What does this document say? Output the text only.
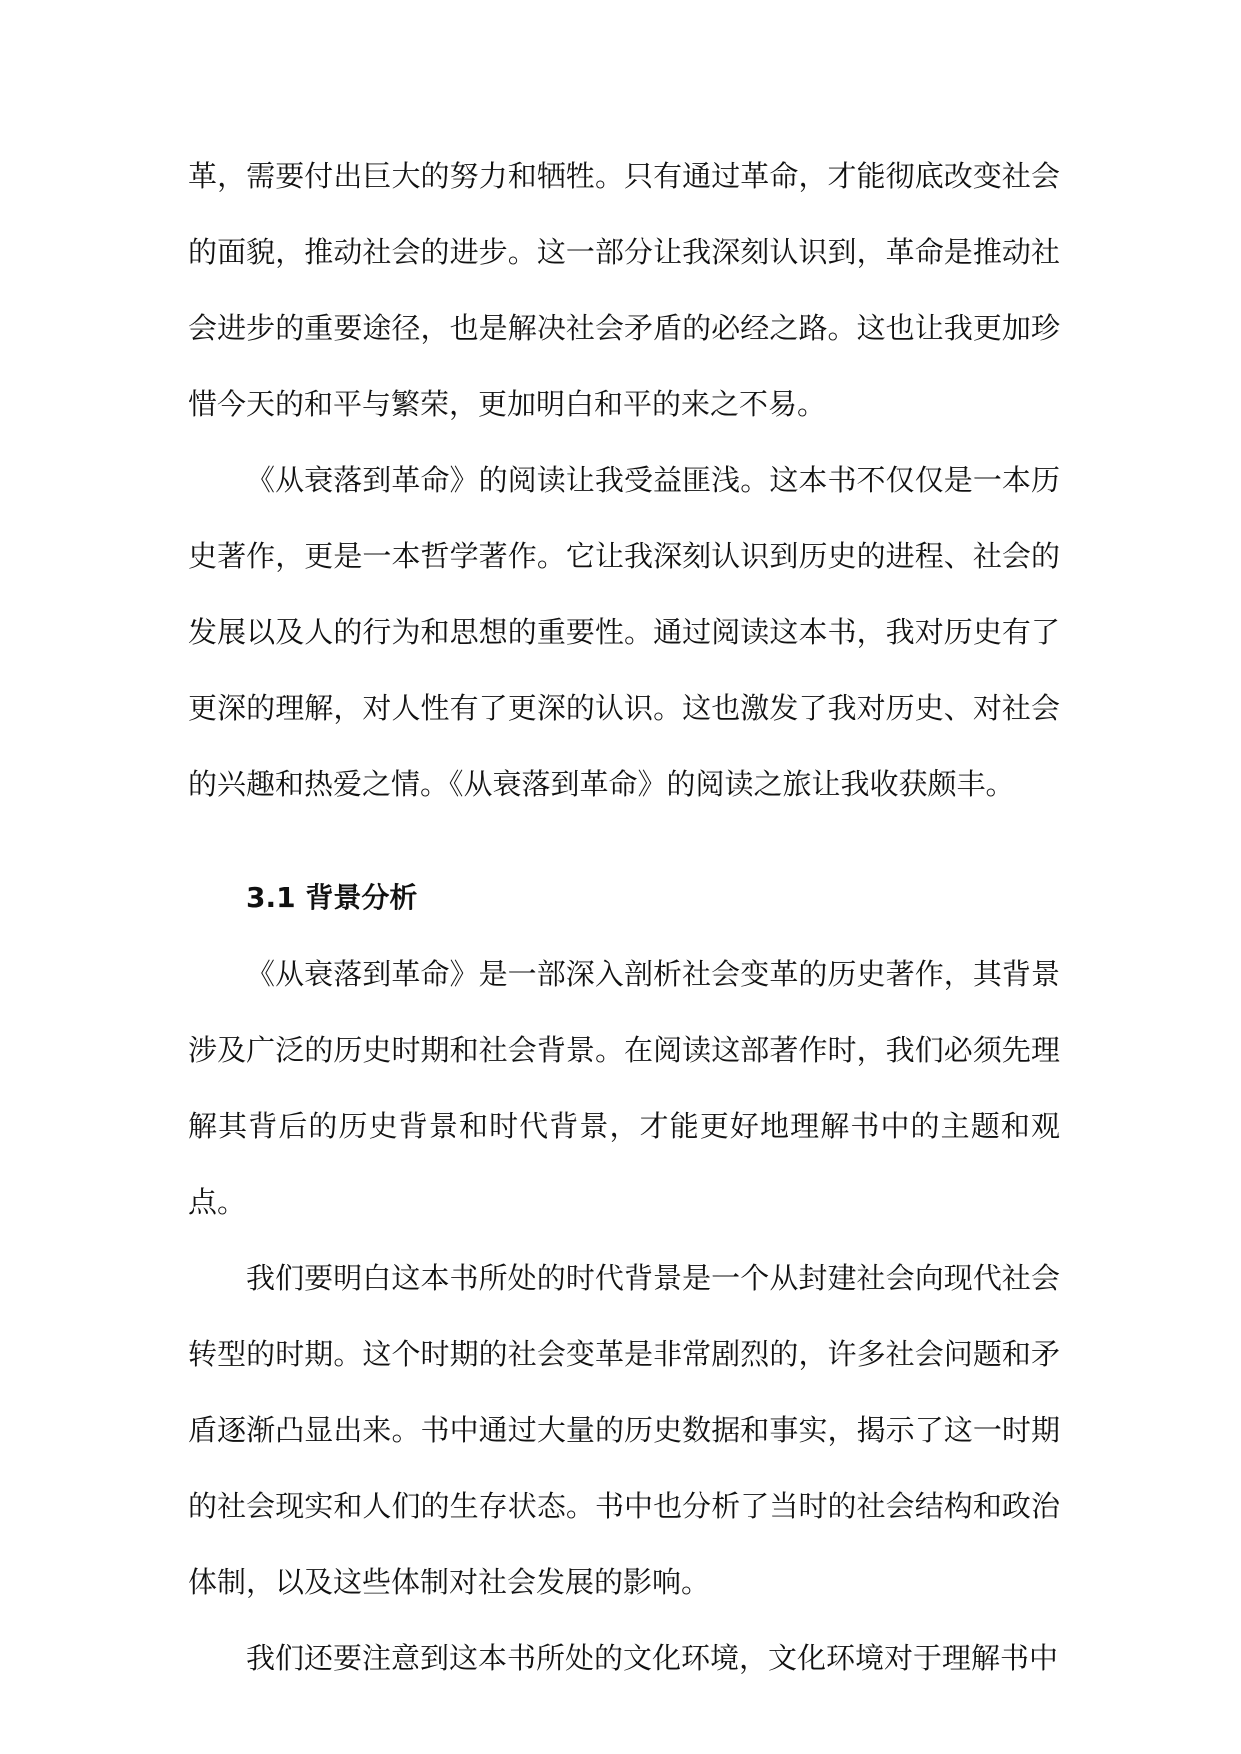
革，需要付出巨大的努力和牺牲。只有通过革命，才能彻底改变社会的面貌，推动社会的进步。这一部分让我深刻认识到，革命是推动社会进步的重要途径，也是解决社会矛盾的必经之路。这也让我更加珍惜今天的和平与繁荣，更加明白和平的来之不易。

《从衰落到革命》的阅读让我受益匪浅。这本书不仅仅是一本历史著作，更是一本哲学著作。它让我深刻认识到历史的进程、社会的发展以及人的行为和思想的重要性。通过阅读这本书，我对历史有了更深的理解，对人性有了更深的认识。这也激发了我对历史、对社会的兴趣和热爱之情。《从衰落到革命》的阅读之旅让我收获颇丰。

3.1 背景分析

《从衰落到革命》是一部深入剖析社会变革的历史著作，其背景涉及广泛的历史时期和社会背景。在阅读这部著作时，我们必须先理解其背后的历史背景和时代背景，才能更好地理解书中的主题和观点。

我们要明白这本书所处的时代背景是一个从封建社会向现代社会转型的时期。这个时期的社会变革是非常剧烈的，许多社会问题和矛盾逐渐凸显出来。书中通过大量的历史数据和事实，揭示了这一时期的社会现实和人们的生存状态。书中也分析了当时的社会结构和政治体制，以及这些体制对社会发展的影响。

我们还要注意到这本书所处的文化环境，文化环境对于理解书中
